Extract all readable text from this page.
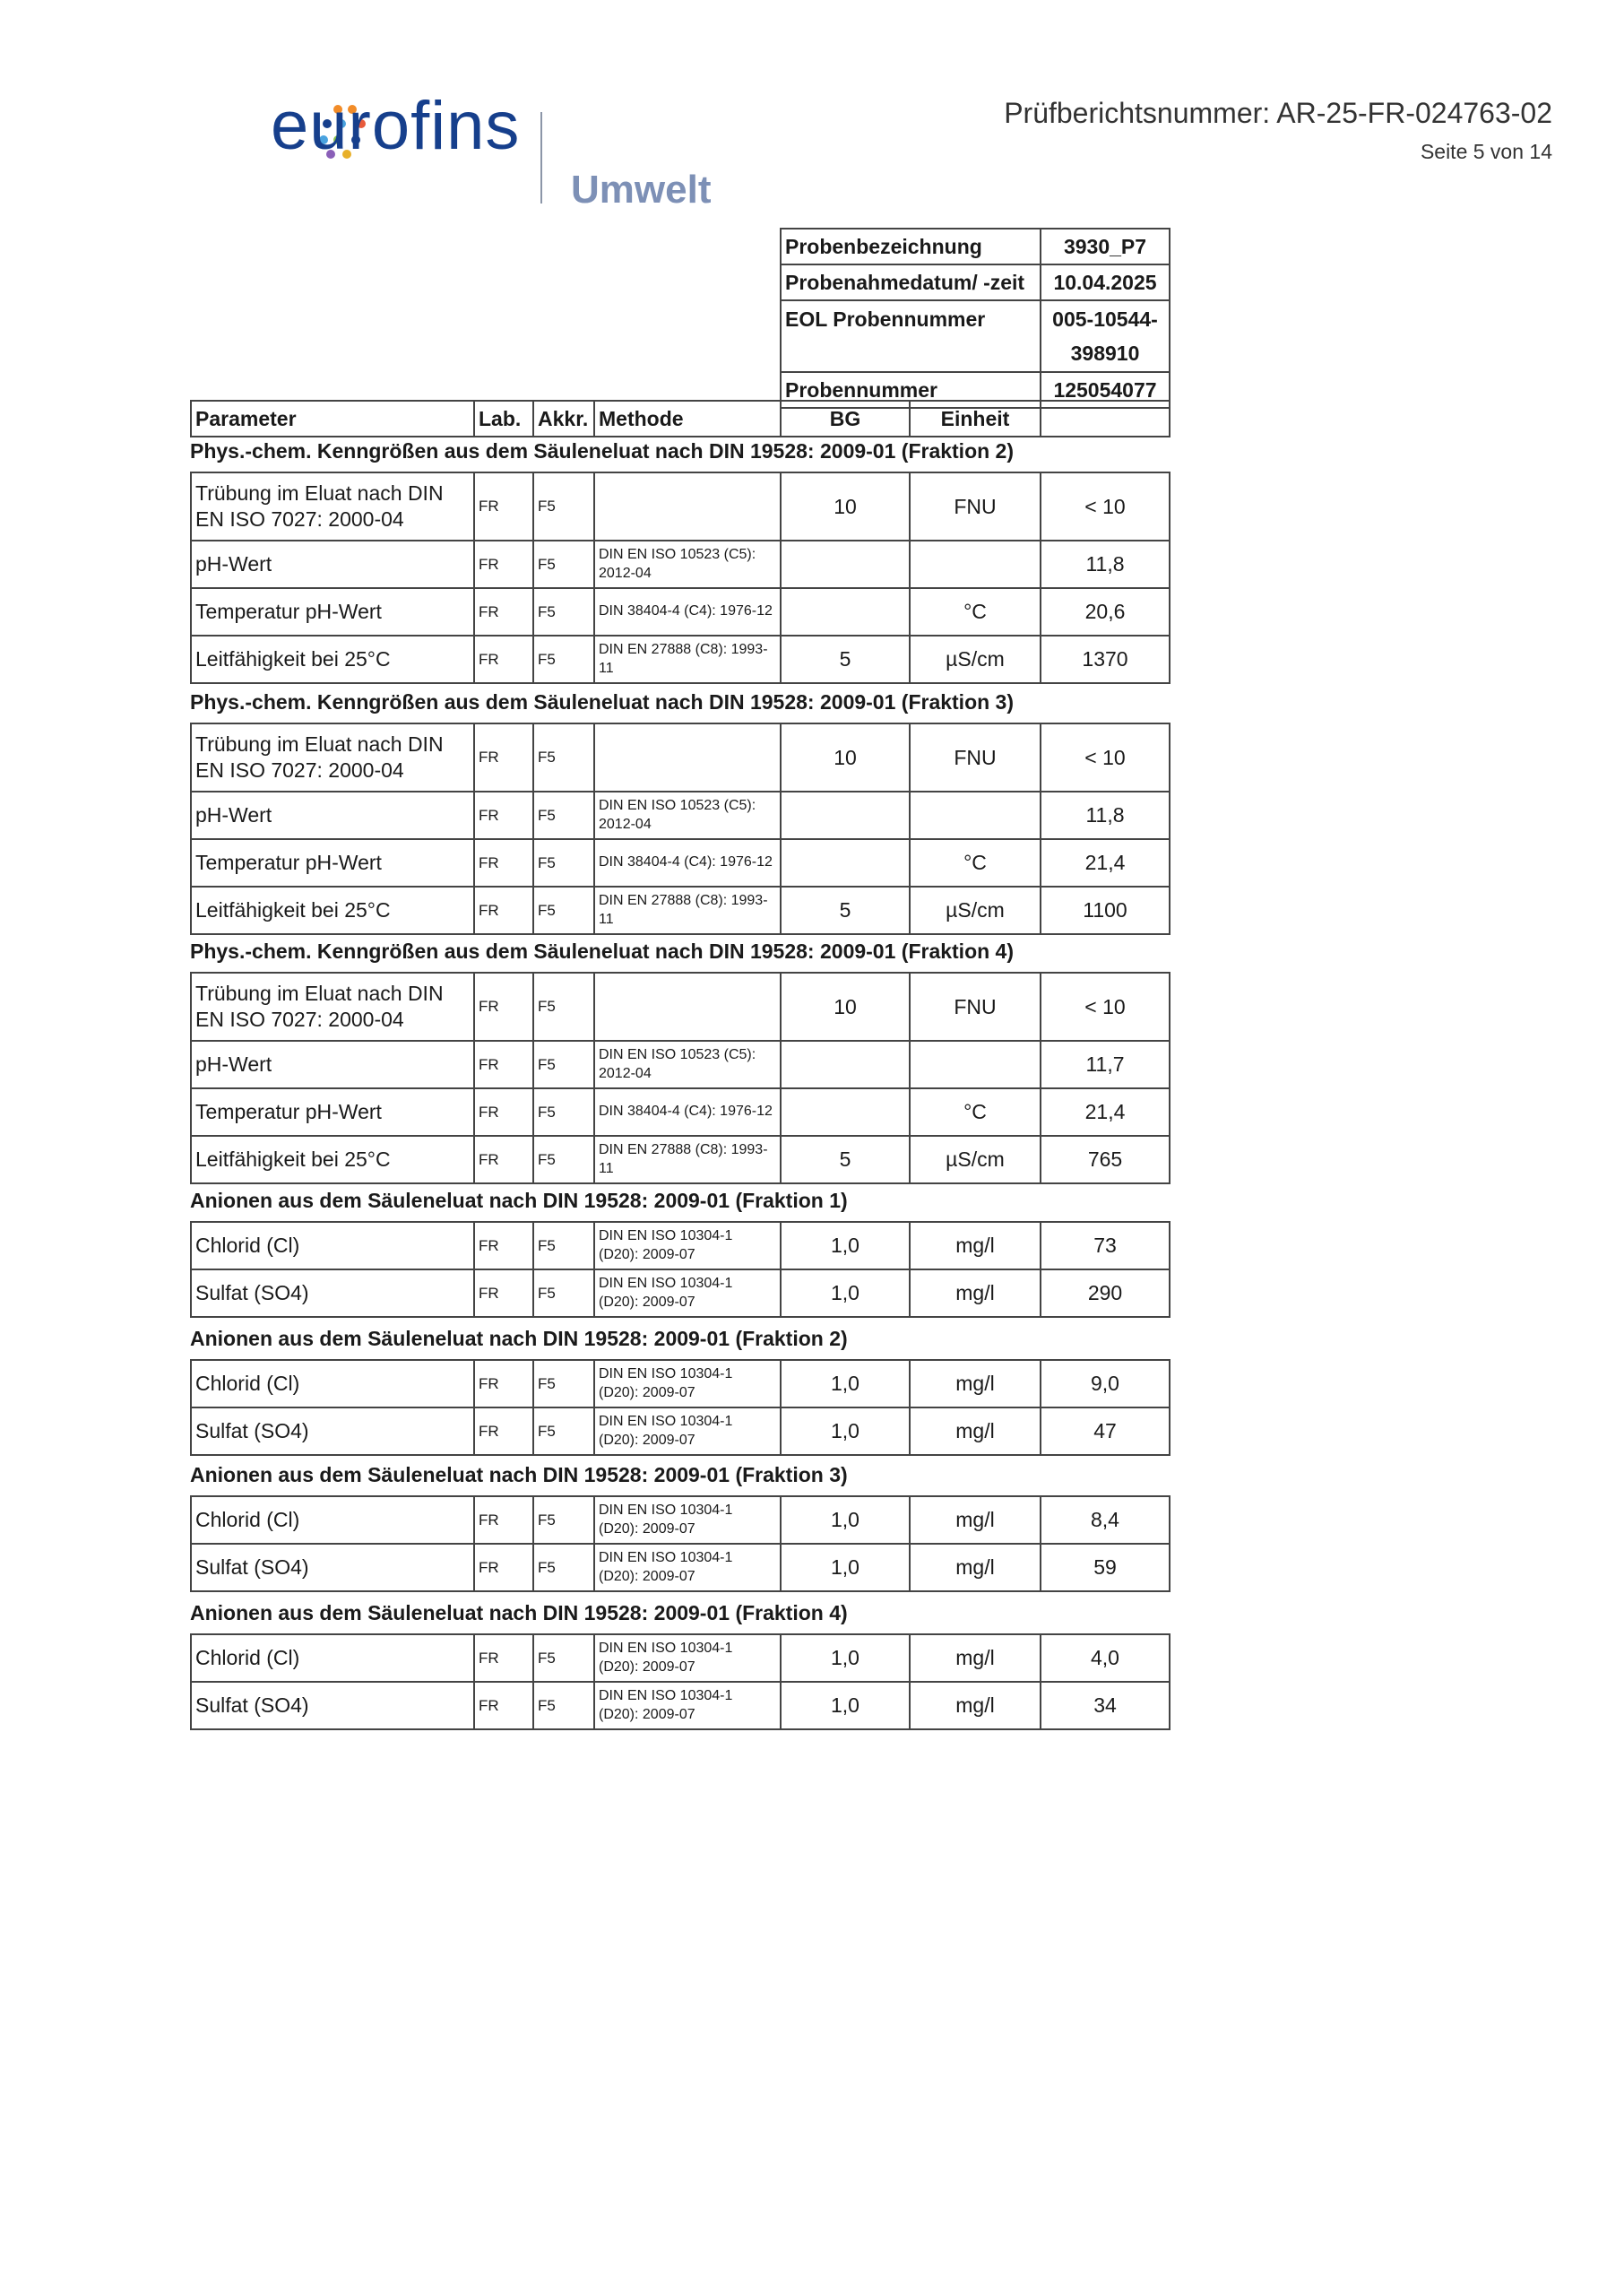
eurofins
Umwelt
Prüfberichtsnummer: AR-25-FR-024763-02
Seite 5 von 14
Probenbezeichnung	3930_P7
Probenahmedatum/ -zeit	10.04.2025
EOL Probennummer	005-10544-398910
Probennummer	125054077
Parameter	Lab.	Akkr.	Methode	BG	Einheit	
Phys.-chem. Kenngrößen aus dem Säuleneluat nach DIN 19528: 2009-01 (Fraktion 2)
Trübung im Eluat nach DIN EN ISO 7027: 2000-04	FR	F5		10	FNU	< 10
pH-Wert	FR	F5	DIN EN ISO 10523 (C5): 2012-04			11,8
Temperatur pH-Wert	FR	F5	DIN 38404-4 (C4): 1976-12		°C	20,6
Leitfähigkeit bei 25°C	FR	F5	DIN EN 27888 (C8): 1993-11	5	µS/cm	1370
Phys.-chem. Kenngrößen aus dem Säuleneluat nach DIN 19528: 2009-01 (Fraktion 3)
Trübung im Eluat nach DIN EN ISO 7027: 2000-04	FR	F5		10	FNU	< 10
pH-Wert	FR	F5	DIN EN ISO 10523 (C5): 2012-04			11,8
Temperatur pH-Wert	FR	F5	DIN 38404-4 (C4): 1976-12		°C	21,4
Leitfähigkeit bei 25°C	FR	F5	DIN EN 27888 (C8): 1993-11	5	µS/cm	1100
Phys.-chem. Kenngrößen aus dem Säuleneluat nach DIN 19528: 2009-01 (Fraktion 4)
Trübung im Eluat nach DIN EN ISO 7027: 2000-04	FR	F5		10	FNU	< 10
pH-Wert	FR	F5	DIN EN ISO 10523 (C5): 2012-04			11,7
Temperatur pH-Wert	FR	F5	DIN 38404-4 (C4): 1976-12		°C	21,4
Leitfähigkeit bei 25°C	FR	F5	DIN EN 27888 (C8): 1993-11	5	µS/cm	765
Anionen aus dem Säuleneluat nach DIN 19528: 2009-01 (Fraktion 1)
Chlorid (Cl)	FR	F5	DIN EN ISO 10304-1 (D20): 2009-07	1,0	mg/l	73
Sulfat (SO4)	FR	F5	DIN EN ISO 10304-1 (D20): 2009-07	1,0	mg/l	290
Anionen aus dem Säuleneluat nach DIN 19528: 2009-01 (Fraktion 2)
Chlorid (Cl)	FR	F5	DIN EN ISO 10304-1 (D20): 2009-07	1,0	mg/l	9,0
Sulfat (SO4)	FR	F5	DIN EN ISO 10304-1 (D20): 2009-07	1,0	mg/l	47
Anionen aus dem Säuleneluat nach DIN 19528: 2009-01 (Fraktion 3)
Chlorid (Cl)	FR	F5	DIN EN ISO 10304-1 (D20): 2009-07	1,0	mg/l	8,4
Sulfat (SO4)	FR	F5	DIN EN ISO 10304-1 (D20): 2009-07	1,0	mg/l	59
Anionen aus dem Säuleneluat nach DIN 19528: 2009-01 (Fraktion 4)
Chlorid (Cl)	FR	F5	DIN EN ISO 10304-1 (D20): 2009-07	1,0	mg/l	4,0
Sulfat (SO4)	FR	F5	DIN EN ISO 10304-1 (D20): 2009-07	1,0	mg/l	34
